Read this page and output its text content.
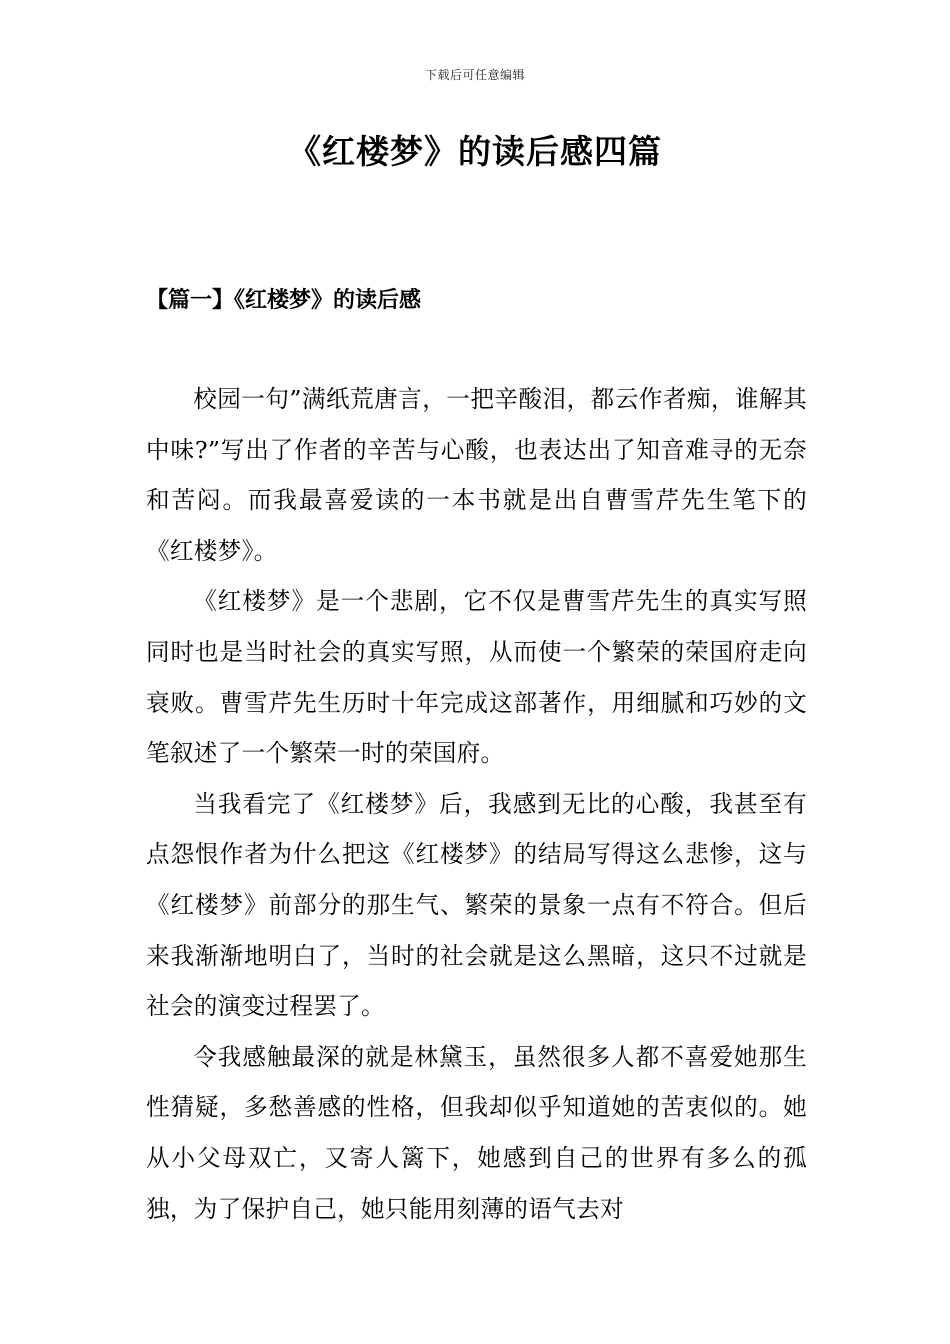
下载后可任意编辑
《红楼梦》的读后感四篇
【篇一】《红楼梦》的读后感

校园一句”满纸荒唐言，一把辛酸泪，都云作者痴，谁解其中味?”写出了作者的辛苦与心酸，也表达出了知音难寻的无奈和苦闷。而我最喜爱读的一本书就是出自曹雪芹先生笔下的《红楼梦》。

《红楼梦》是一个悲剧，它不仅是曹雪芹先生的真实写照同时也是当时社会的真实写照，从而使一个繁荣的荣国府走向衰败。曹雪芹先生历时十年完成这部著作，用细腻和巧妙的文笔叙述了一个繁荣一时的荣国府。

当我看完了《红楼梦》后，我感到无比的心酸，我甚至有点怨恨作者为什么把这《红楼梦》的结局写得这么悲惨，这与《红楼梦》前部分的那生气、繁荣的景象一点有不符合。但后来我渐渐地明白了，当时的社会就是这么黑暗，这只不过就是社会的演变过程罢了。

令我感触最深的就是林黛玉，虽然很多人都不喜爱她那生性猜疑，多愁善感的性格，但我却似乎知道她的苦衷似的。她从小父母双亡，又寄人篱下，她感到自己的世界有多么的孤独，为了保护自己，她只能用刻薄的语气去对
